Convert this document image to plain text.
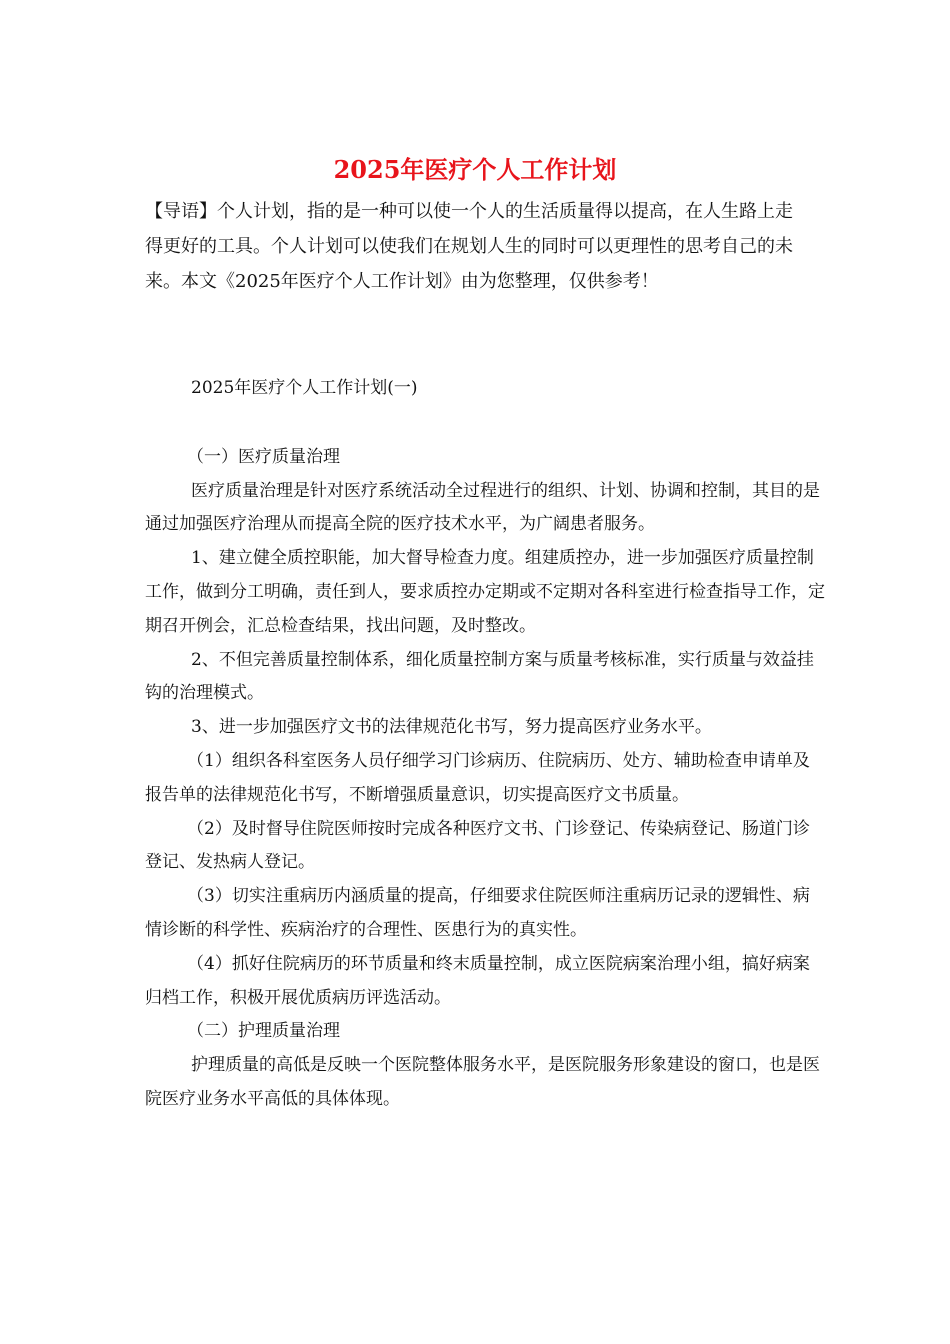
2025年医疗个人工作计划

【导语】个人计划，指的是一种可以使一个人的生活质量得以提高，在人生路上走得更好的工具。个人计划可以使我们在规划人生的同时可以更理性的思考自己的未来。本文《2025年医疗个人工作计划》由为您整理，仅供参考！

2025年医疗个人工作计划(一)

（一）医疗质量治理

医疗质量治理是针对医疗系统活动全过程进行的组织、计划、协调和控制，其目的是通过加强医疗治理从而提高全院的医疗技术水平，为广阔患者服务。

1、建立健全质控职能，加大督导检查力度。组建质控办，进一步加强医疗质量控制工作，做到分工明确，责任到人，要求质控办定期或不定期对各科室进行检查指导工作，定期召开例会，汇总检查结果，找出问题，及时整改。

2、不但完善质量控制体系，细化质量控制方案与质量考核标准，实行质量与效益挂钩的治理模式。

3、进一步加强医疗文书的法律规范化书写，努力提高医疗业务水平。

（1）组织各科室医务人员仔细学习门诊病历、住院病历、处方、辅助检查申请单及报告单的法律规范化书写，不断增强质量意识，切实提高医疗文书质量。

（2）及时督导住院医师按时完成各种医疗文书、门诊登记、传染病登记、肠道门诊登记、发热病人登记。

（3）切实注重病历内涵质量的提高，仔细要求住院医师注重病历记录的逻辑性、病情诊断的科学性、疾病治疗的合理性、医患行为的真实性。

（4）抓好住院病历的环节质量和终末质量控制，成立医院病案治理小组，搞好病案归档工作，积极开展优质病历评选活动。

（二）护理质量治理

护理质量的高低是反映一个医院整体服务水平，是医院服务形象建设的窗口，也是医院医疗业务水平高低的具体体现。
